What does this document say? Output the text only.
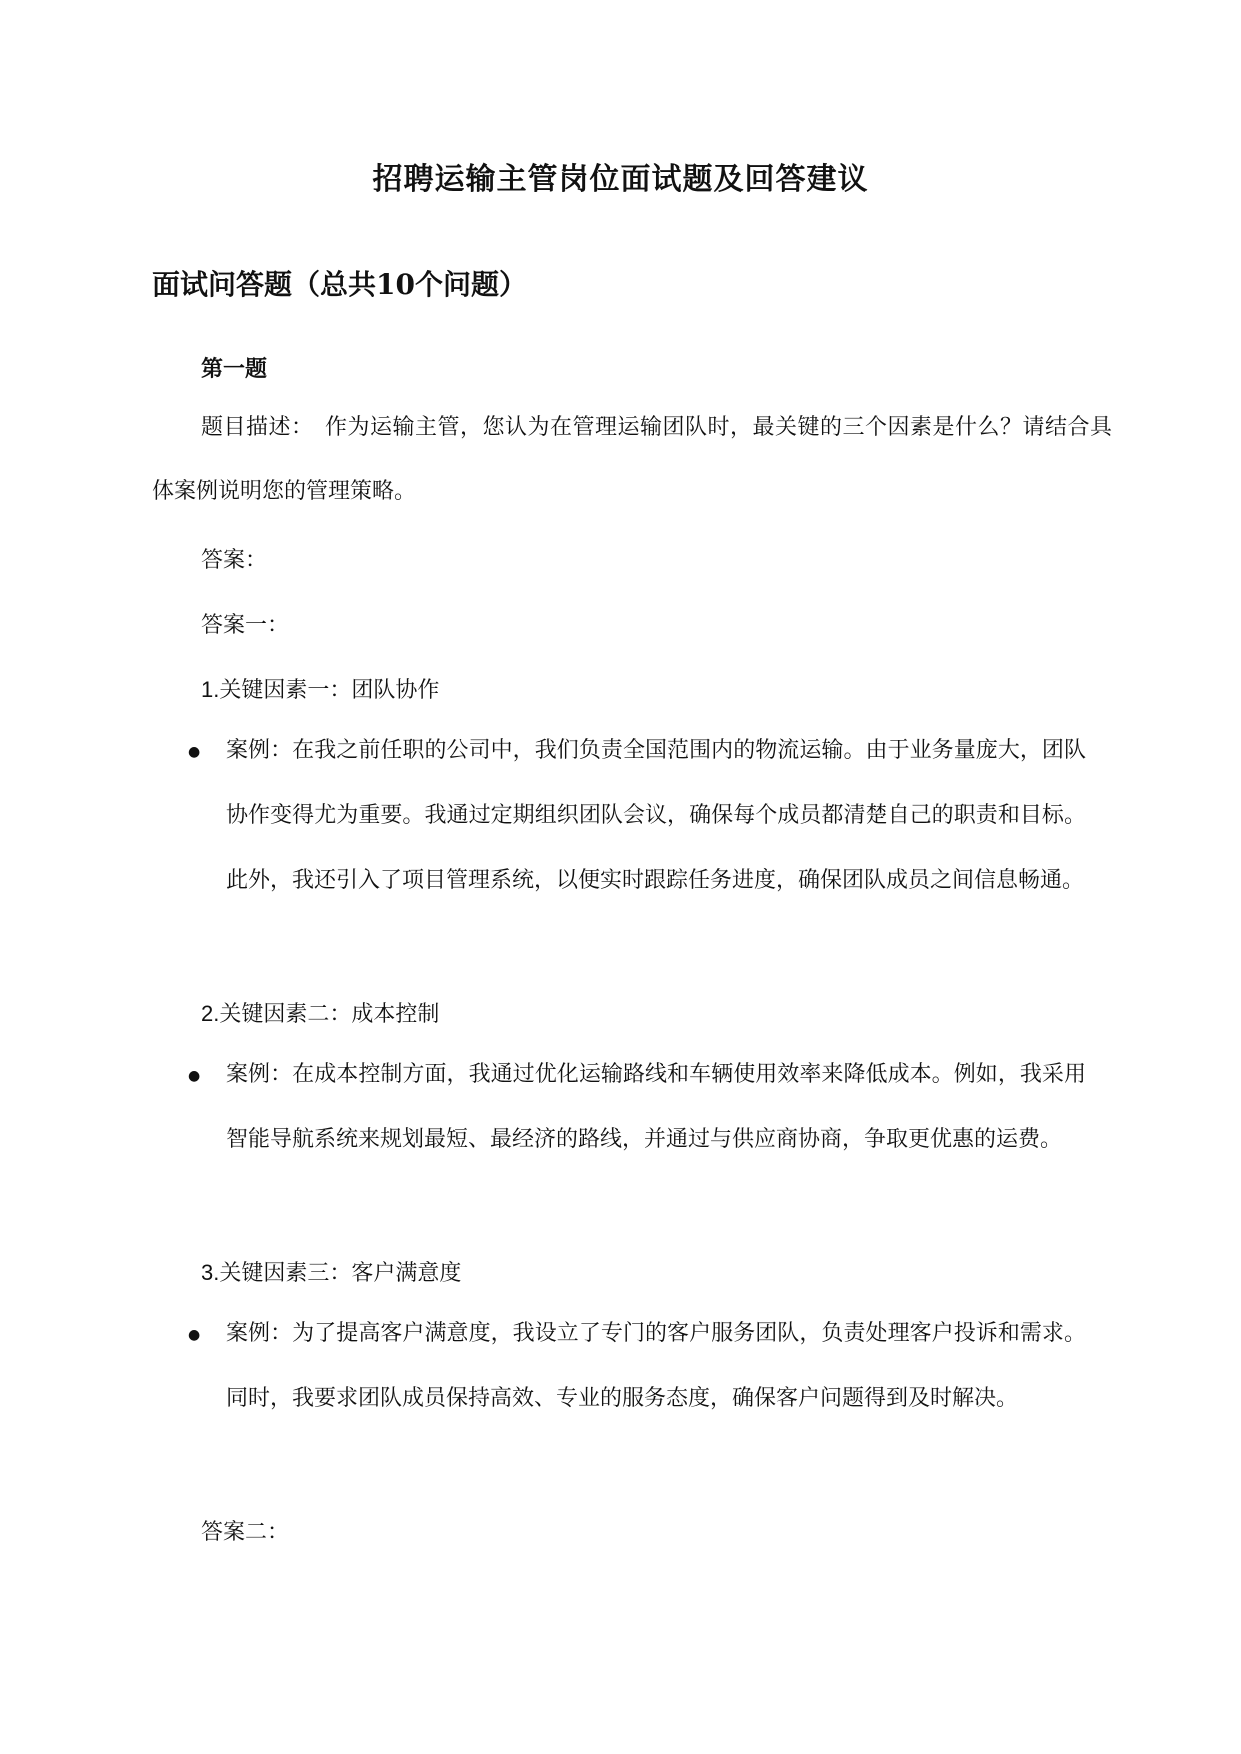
招聘运输主管岗位面试题及回答建议
面试问答题（总共10个问题）
第一题

题目描述：　作为运输主管，您认为在管理运输团队时，最关键的三个因素是什么？请结合具体案例说明您的管理策略。

答案：
答案一：
1.关键因素一：团队协作
● 案例：在我之前任职的公司中，我们负责全国范围内的物流运输。由于业务量庞大，团队协作变得尤为重要。我通过定期组织团队会议，确保每个成员都清楚自己的职责和目标。此外，我还引入了项目管理系统，以便实时跟踪任务进度，确保团队成员之间信息畅通。

2.关键因素二：成本控制
● 案例：在成本控制方面，我通过优化运输路线和车辆使用效率来降低成本。例如，我采用智能导航系统来规划最短、最经济的路线，并通过与供应商协商，争取更优惠的运费。

3.关键因素三：客户满意度
● 案例：为了提高客户满意度，我设立了专门的客户服务团队，负责处理客户投诉和需求。同时，我要求团队成员保持高效、专业的服务态度，确保客户问题得到及时解决。

答案二：
